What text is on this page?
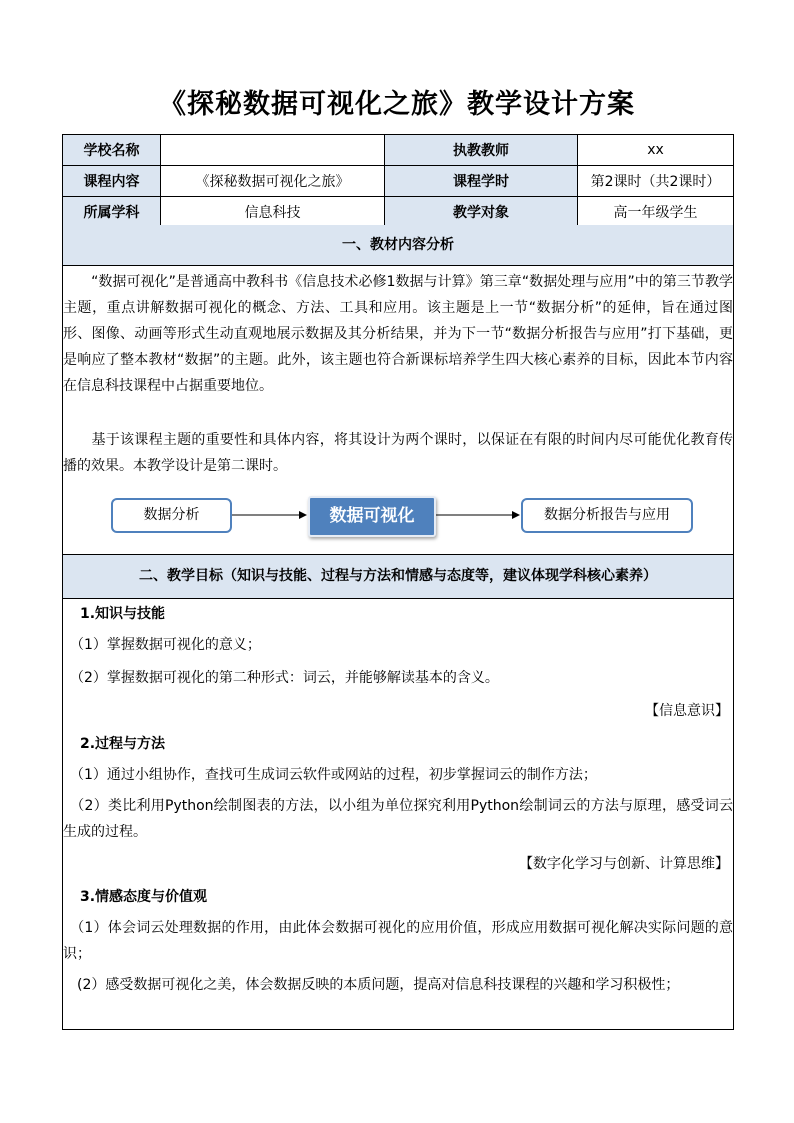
《探秘数据可视化之旅》教学设计方案
学校名称		执教教师	xx
课程内容	《探秘数据可视化之旅》	课程学时	第2课时（共2课时）
所属学科	信息科技	教学对象	高一年级学生
一、教材内容分析

　　“数据可视化”是普通高中教科书《信息技术必修1数据与计算》第三章“数据处理与应用”中的第三节教学主题，重点讲解数据可视化的概念、方法、工具和应用。该主题是上一节“数据分析”的延伸，旨在通过图形、图像、动画等形式生动直观地展示数据及其分析结果，并为下一节“数据分析报告与应用”打下基础，更是响应了整本教材“数据”的主题。此外，该主题也符合新课标培养学生四大核心素养的目标，因此本节内容在信息科技课程中占据重要地位。

　　基于该课程主题的重要性和具体内容，将其设计为两个课时，以保证在有限的时间内尽可能优化教育传播的效果。本教学设计是第二课时。

数据分析	数据可视化	数据分析报告与应用
二、教学目标（知识与技能、过程与方法和情感与态度等，建议体现学科核心素养）
1.知识与技能

　（1）掌握数据可视化的意义；

　（2）掌握数据可视化的第二种形式：词云，并能够解读基本的含义。

【信息意识】
2.过程与方法

　（1）通过小组协作，查找可生成词云软件或网站的过程，初步掌握词云的制作方法；

　（2）类比利用Python绘制图表的方法，以小组为单位探究利用Python绘制词云的方法与原理，感受词云生成的过程。

【数字化学习与创新、计算思维】
3.情感态度与价值观

　（1）体会词云处理数据的作用，由此体会数据可视化的应用价值，形成应用数据可视化解决实际问题的意识；

　(2）感受数据可视化之美，体会数据反映的本质问题，提高对信息科技课程的兴趣和学习积极性；
